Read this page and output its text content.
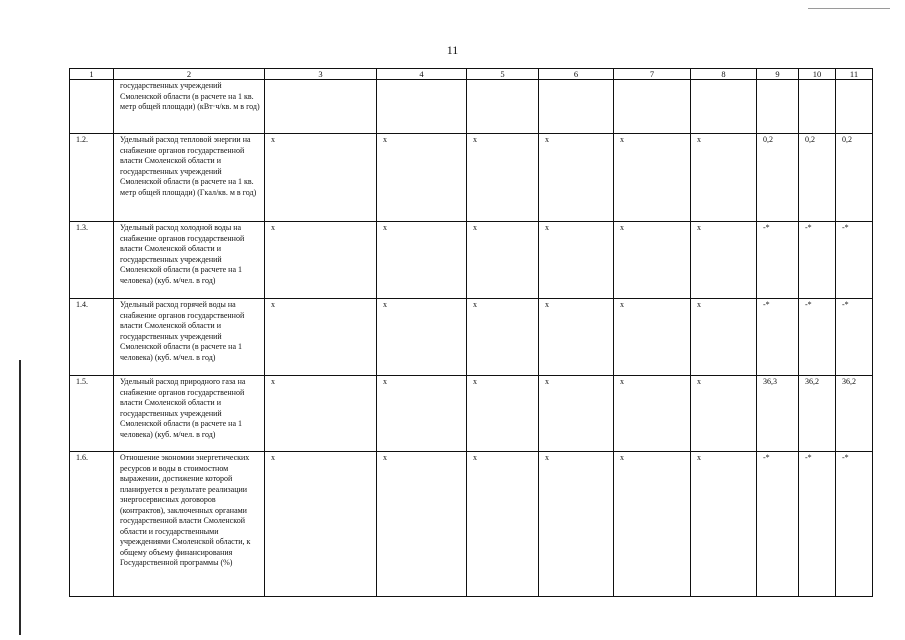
11
1	2	3	4	5	6	7	8	9	10	11
	государственных учреждений Смоленской области (в расчете на 1 кв. метр общей площади) (кВт·ч/кв. м в год)									
1.2.	Удельный расход тепловой энергии на снабжение органов государственной власти Смоленской области и государственных учреждений Смоленской области (в расчете на 1 кв. метр общей площади) (Гкал/кв. м в год)	x	x	x	x	x	x	0,2	0,2	0,2
1.3.	Удельный расход холодной воды на снабжение органов государственной власти Смоленской области и государственных учреждений Смоленской области (в расчете на 1 человека) (куб. м/чел. в год)	x	x	x	x	x	x	-*	-*	-*
1.4.	Удельный расход горячей воды на снабжение органов государственной власти Смоленской области и государственных учреждений Смоленской области (в расчете на 1 человека) (куб. м/чел. в год)	x	x	x	x	x	x	-*	-*	-*
1.5.	Удельный расход природного газа на снабжение органов государственной власти Смоленской области и государственных учреждений Смоленской области (в расчете на 1 человека) (куб. м/чел. в год)	x	x	x	x	x	x	36,3	36,2	36,2
1.6.	Отношение экономии энергетических ресурсов и воды в стоимостном выражении, достижение которой планируется в результате реализации энергосервисных договоров (контрактов), заключенных органами государственной власти Смоленской области и государственными учреждениями Смоленской области, к общему объему финансирования Государственной программы (%)	x	x	x	x	x	x	-*	-*	-*
